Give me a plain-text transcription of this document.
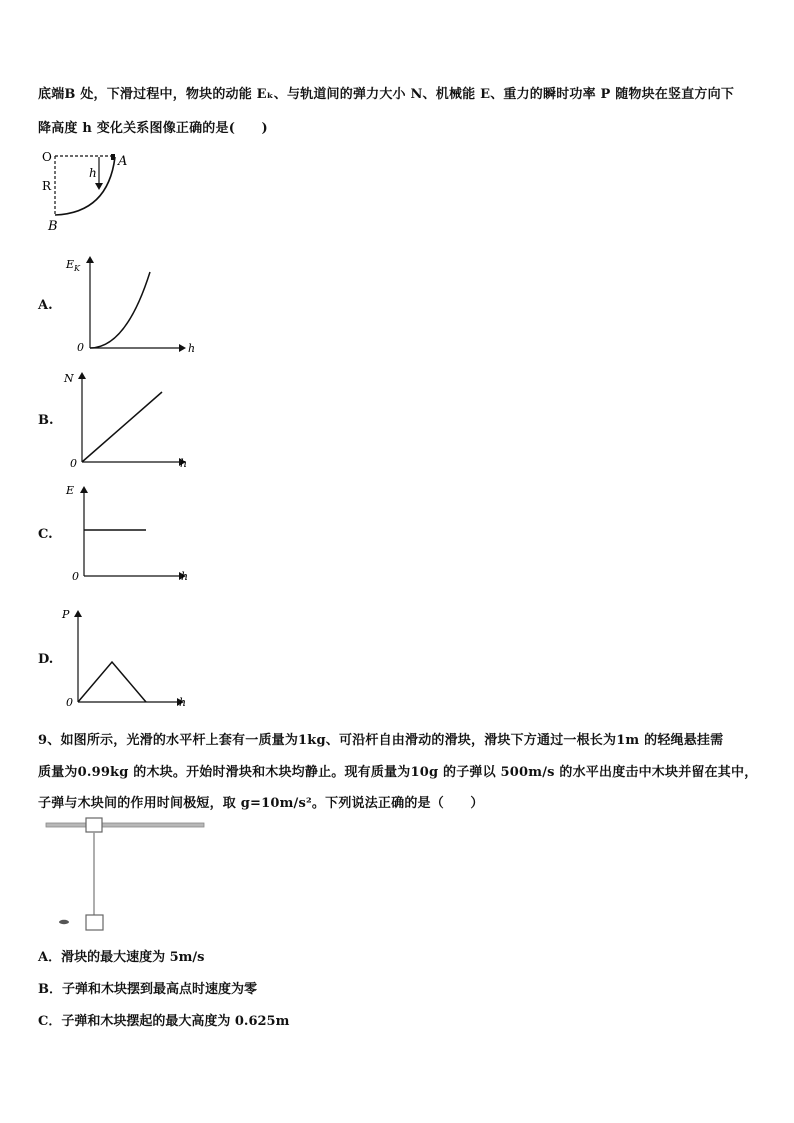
底端B 处，下滑过程中，物块的动能 Eₖ、与轨道间的弹力大小 N、机械能 E、重力的瞬时功率 P 随物块在竖直方向下
降高度 h 变化关系图像正确的是(　　)
O	A
R
h
B
A.
E K
h
0
B.
N
h
0
C.
E
h
0
D.
P
h
0
9、如图所示，光滑的水平杆上套有一质量为1kg、可沿杆自由滑动的滑块，滑块下方通过一根长为1m 的轻绳悬挂需
质量为0.99kg 的木块。开始时滑块和木块均静止。现有质量为10g 的子弹以 500m/s 的水平出度击中木块并留在其中，
子弹与木块间的作用时间极短，取 g=10m/s²。下列说法正确的是（　　）
A．滑块的最大速度为 5m/s
B．子弹和木块摆到最高点时速度为零
C．子弹和木块摆起的最大高度为 0.625m
